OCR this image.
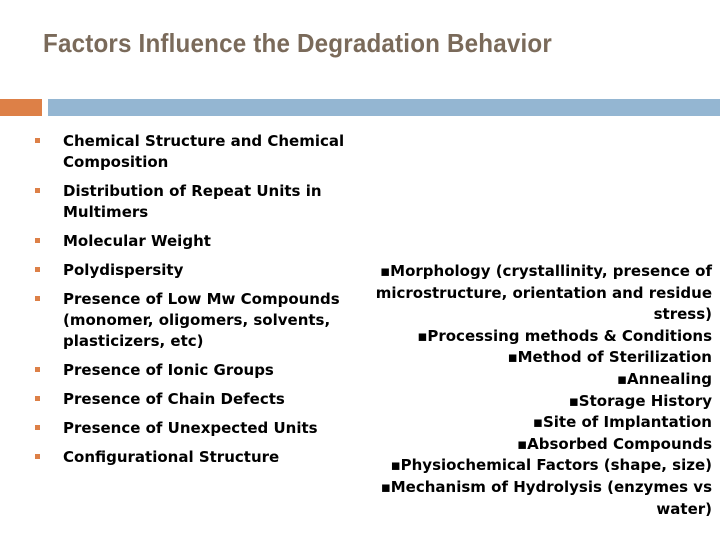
Factors Influence the Degradation Behavior
Chemical Structure and Chemical Composition
Distribution of Repeat Units in Multimers
Molecular Weight
Polydispersity
Presence of Low Mw Compounds (monomer, oligomers, solvents, plasticizers, etc)
Presence of Ionic Groups
Presence of Chain Defects
Presence of Unexpected Units
Configurational Structure
▪Morphology (crystallinity, presence of microstructure, orientation and residue stress)
▪Processing methods & Conditions
▪Method of Sterilization
▪Annealing
▪Storage History
▪Site of Implantation
▪Absorbed Compounds
▪Physiochemical Factors (shape, size)
▪Mechanism of Hydrolysis (enzymes vs water)
